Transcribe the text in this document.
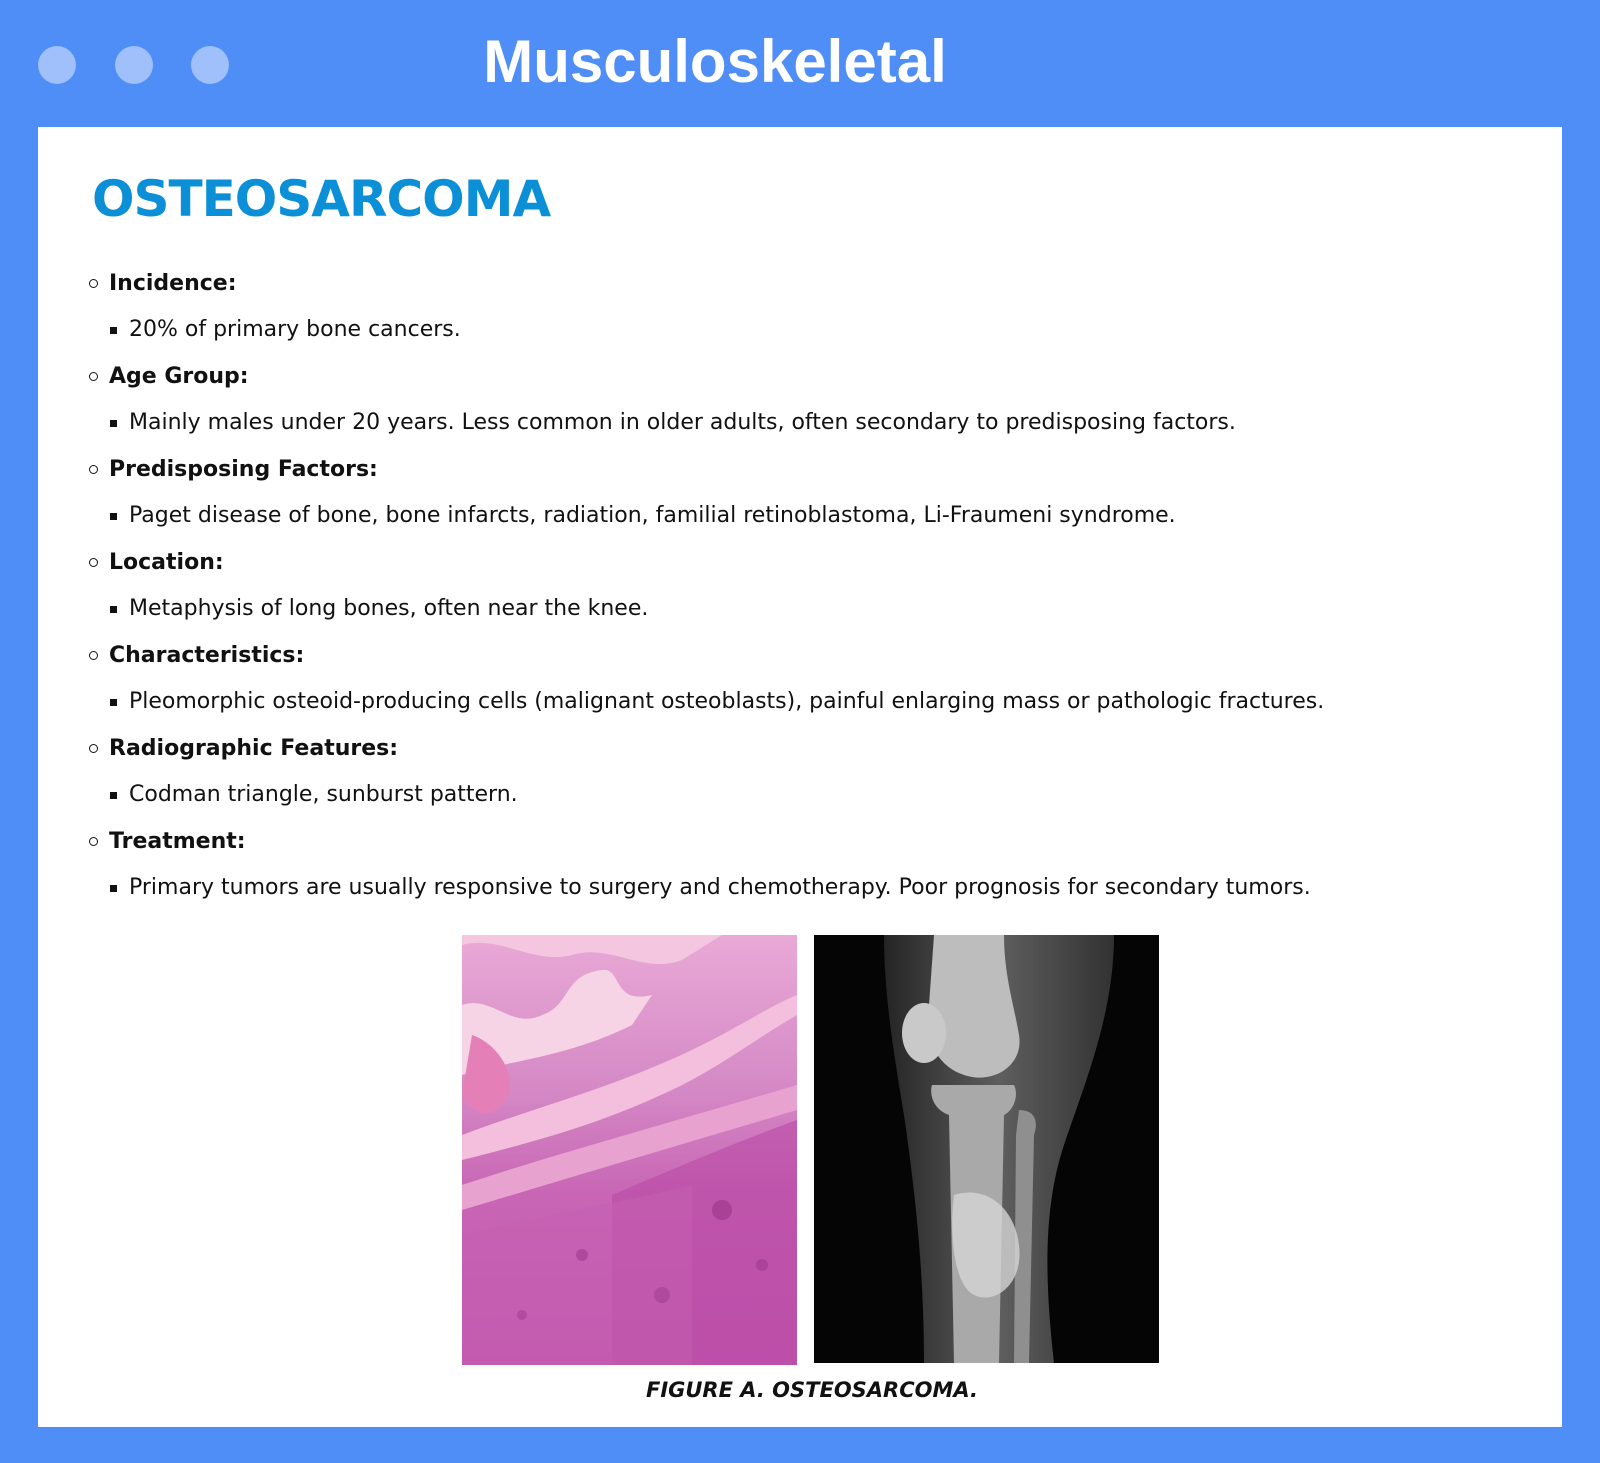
Musculoskeletal
OSTEOSARCOMA
Incidence:
20% of primary bone cancers.
Age Group:
Mainly males under 20 years. Less common in older adults, often secondary to predisposing factors.
Predisposing Factors:
Paget disease of bone, bone infarcts, radiation, familial retinoblastoma, Li-Fraumeni syndrome.
Location:
Metaphysis of long bones, often near the knee.
Characteristics:
Pleomorphic osteoid-producing cells (malignant osteoblasts), painful enlarging mass or pathologic fractures.
Radiographic Features:
Codman triangle, sunburst pattern.
Treatment:
Primary tumors are usually responsive to surgery and chemotherapy. Poor prognosis for secondary tumors.
FIGURE A. OSTEOSARCOMA.
